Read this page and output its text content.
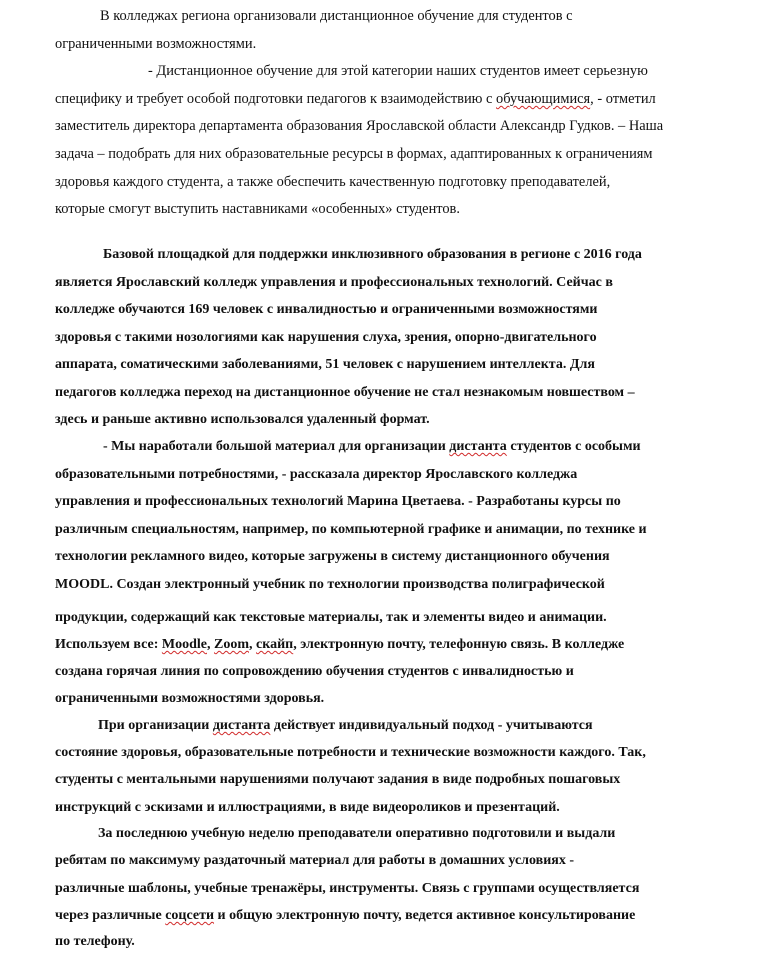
В колледжах региона организовали дистанционное обучение для студентов с
ограниченными возможностями.
- Дистанционное обучение для этой категории наших студентов имеет серьезную
специфику и требует особой подготовки педагогов к взаимодействию с обучающимися, - отметил
заместитель директора департамента образования Ярославской области Александр Гудков. – Наша
задача – подобрать для них образовательные ресурсы в формах, адаптированных к ограничениям
здоровья каждого студента, а также обеспечить качественную подготовку преподавателей,
которые смогут выступить наставниками «особенных» студентов.
Базовой площадкой для поддержки инклюзивного образования в регионе с 2016 года
является Ярославский колледж управления и профессиональных технологий. Сейчас в
колледже обучаются 169 человек с инвалидностью и ограниченными возможностями
здоровья с такими нозологиями как нарушения слуха, зрения, опорно-двигательного
аппарата, соматическими заболеваниями, 51 человек с нарушением интеллекта. Для
педагогов колледжа переход на дистанционное обучение не стал незнакомым новшеством –
здесь и раньше активно использовался удаленный формат.
- Мы наработали большой материал для организации дистанта студентов с особыми
образовательными потребностями, - рассказала директор Ярославского колледжа
управления и профессиональных технологий Марина Цветаева. - Разработаны курсы по
различным специальностям, например, по компьютерной графике и анимации, по технике и
технологии рекламного видео, которые загружены в систему дистанционного обучения
MOODL. Создан электронный учебник по технологии производства полиграфической
продукции, содержащий как текстовые материалы, так и элементы видео и анимации.
Используем все: Moodle, Zoom, скайп, электронную почту, телефонную связь. В колледже
создана горячая линия по сопровождению обучения студентов с инвалидностью и
ограниченными возможностями здоровья.
При организации дистанта действует индивидуальный подход - учитываются
состояние здоровья, образовательные потребности и технические возможности каждого. Так,
студенты с ментальными нарушениями получают задания в виде подробных пошаговых
инструкций с эскизами и иллюстрациями, в виде видеороликов и презентаций.
За последнюю учебную неделю преподаватели оперативно подготовили и выдали
ребятам по максимуму раздаточный материал для работы в домашних условиях -
различные шаблоны, учебные тренажёры, инструменты. Связь с группами осуществляется
через различные соцсети и общую электронную почту, ведется активное консультирование
по телефону.
